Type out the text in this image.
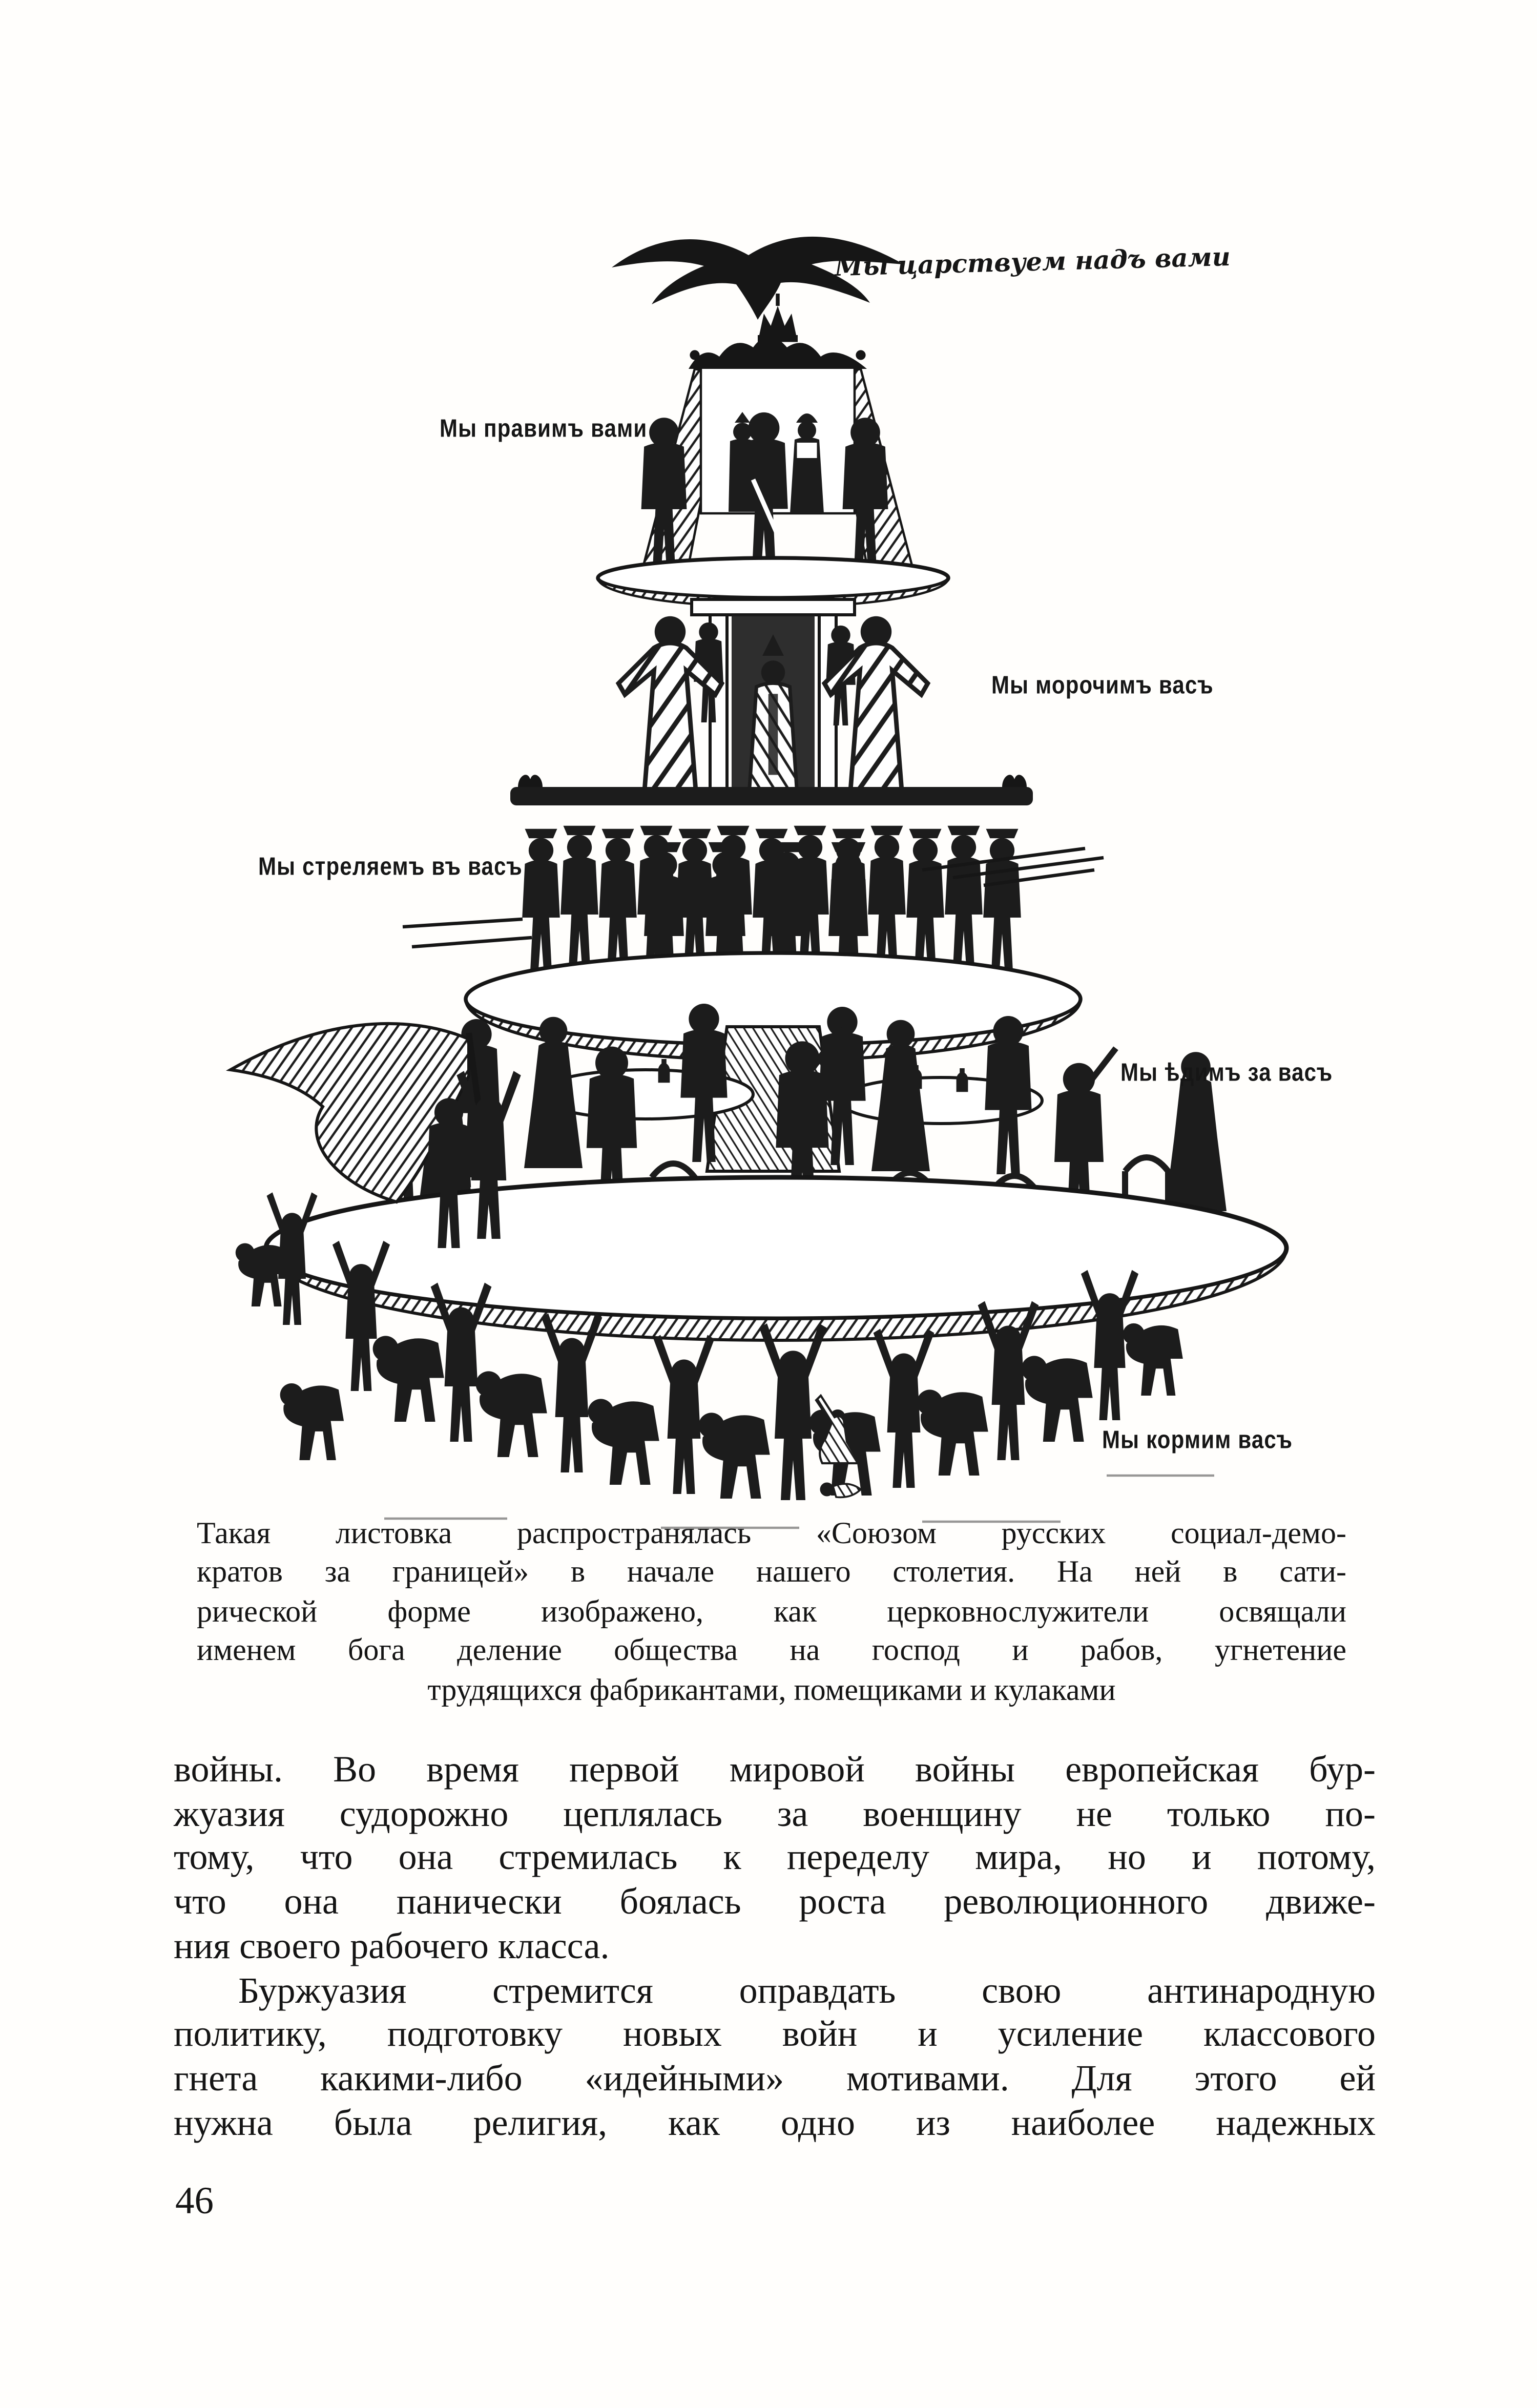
Мы царствуем надъ вами
Мы правимъ вами
Мы морочимъ васъ
Мы стреляемъ въ васъ
Мы ѣдимъ за васъ
Мы кормим васъ
Такая листовка распространялась «Союзом русских социал-демо-
кратов за границей» в начале нашего столетия. На ней в сати-
рической форме изображено, как церковнослужители освящали
именем бога деление общества на господ и рабов, угнетение
трудящихся фабрикантами, помещиками и кулаками
войны. Во время первой мировой войны европейская бур-
жуазия судорожно цеплялась за военщину не только по-
тому, что она стремилась к переделу мира, но и потому,
что она панически боялась роста революционного движе-
ния своего рабочего класса.
Буржуазия стремится оправдать свою антинародную
политику, подготовку новых войн и усиление классового
гнета какими-либо «идейными» мотивами. Для этого ей
нужна была религия, как одно из наиболее надежных
46
